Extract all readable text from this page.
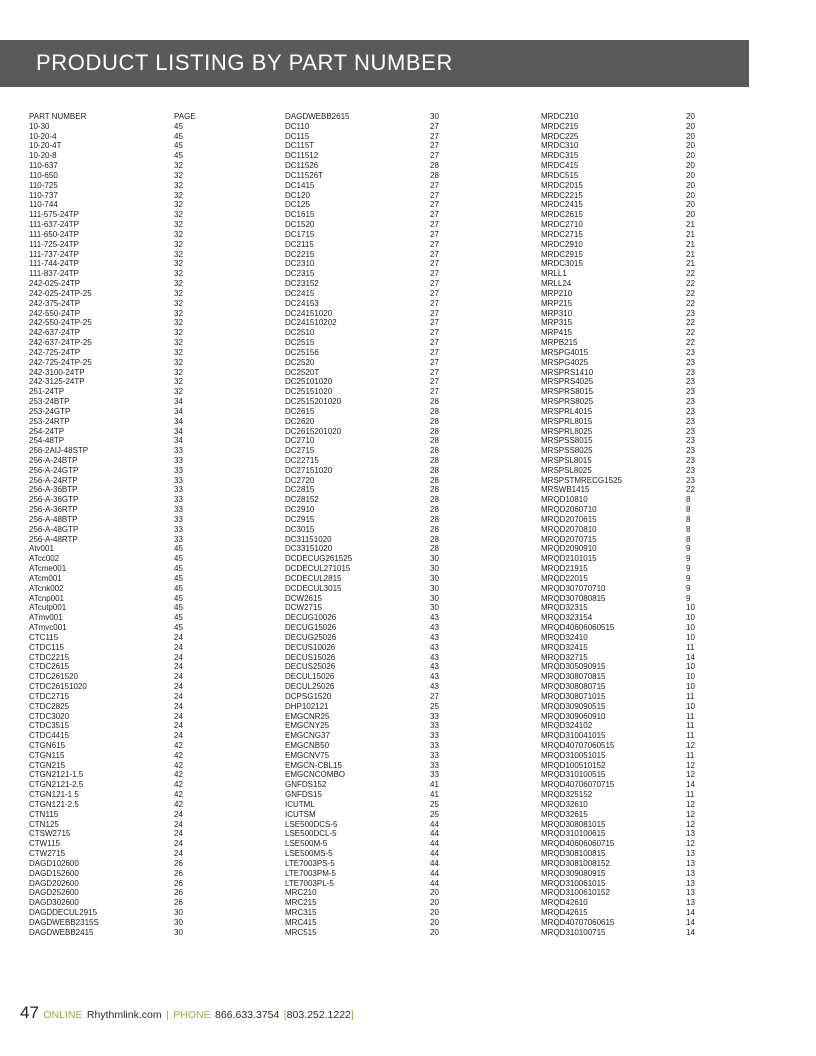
PRODUCT LISTING BY PART NUMBER
PART NUMBER	PAGE
10-30	45
10-20-4	45
10-20-4T	45
10-20-8	45
110-637	32
110-650	32
110-725	32
110-737	32
110-744	32
111-575-24TP	32
111-637-24TP	32
111-650-24TP	32
111-725-24TP	32
111-737-24TP	32
111-744-24TP	32
111-837-24TP	32
242-025-24TP	32
242-025-24TP-25	32
242-375-24TP	32
242-550-24TP	32
242-550-24TP-25	32
242-637-24TP	32
242-637-24TP-25	32
242-725-24TP	32
242-725-24TP-25	32
242-3100-24TP	32
242-3125-24TP	32
251-24TP	32
253-24BTP	34
253-24GTP	34
253-24RTP	34
254-24TP	34
254-48TP	34
256-2AIJ-48STP	33
256-A-24BTP	33
256-A-24GTP	33
256-A-24RTP	33
256-A-36BTP	33
256-A-36GTP	33
256-A-36RTP	33
256-A-48BTP	33
256-A-48GTP	33
256-A-48RTP	33
Atv001	45
ATcc002	45
ATcme001	45
ATcm001	45
ATcnk002	45
ATcnp001	45
ATcutp001	45
ATmv001	45
ATmvc001	45
CTC115	24
CTDC115	24
CTDC2215	24
CTDC2615	24
CTDC261520	24
CTDC26151020	24
CTDC2715	24
CTDC2825	24
CTDC3020	24
CTDC3515	24
CTDC4415	24
CTGN615	42
CTGN115	42
CTGN215	42
CTGN2121-1.5	42
CTGN2121-2.5	42
CTGN121-1.5	42
CTGN121-2.5	42
CTN115	24
CTN125	24
CTSW2715	24
CTW115	24
CTW2715	24
DAGD102600	26
DAGD152600	26
DAGD202600	26
DAGD252600	26
DAGD302600	26
DAGDDECUL2915	30
DAGDWEBB2315S	30
DAGDWEBB2415	30
DAGDWEBB2615	30
DC110	27
DC115	27
DC115T	27
DC11512	27
DC11526	28
DC11526T	28
DC1415	27
DC120	27
DC125	27
DC1615	27
DC1520	27
DC1715	27
DC2115	27
DC2215	27
DC2310	27
DC2315	27
DC23152	27
DC2415	27
DC24153	27
DC24151020	27
DC241510202	27
DC2510	27
DC2515	27
DC25156	27
DC2520	27
DC2520T	27
DC25101020	27
DC25151020	27
DC2515201020	28
DC2615	28
DC2620	28
DC2615201020	28
DC2710	28
DC2715	28
DC22715	28
DC27151020	28
DC2720	28
DC2815	28
DC28152	28
DC2910	28
DC2915	28
DC3015	28
DC31151020	28
DC33151020	28
DCDECUG261525	30
DCDECUL271015	30
DCDECUL2815	30
DCDECUL3015	30
DCW2615	30
DCW2715	30
DECUG10026	43
DECUG15026	43
DECUG25026	43
DECUS10026	43
DECUS15026	43
DECUS25026	43
DECUL15026	43
DECUL25026	43
DCPSG1520	27
DHP102121	25
EMGCNR25	33
EMGCNY25	33
EMGCNG37	33
EMGCNB50	33
EMGCNV75	33
EMGCN-CBL15	33
EMGCNCOMBO	33
GNFDS152	41
GNFDS15	41
ICUTML	25
ICUTSM	25
LSE500DCS-5	44
LSE500DCL-5	44
LSE500M-5	44
LSE500MS-5	44
LTE7003PS-5	44
LTE7003PM-5	44
LTE7003PL-5	44
MRC210	20
MRC215	20
MRC315	20
MRC415	20
MRC515	20
MRDC210	20
MRDC215	20
MRDC225	20
MRDC310	20
MRDC315	20
MRDC415	20
MRDC515	20
MRDC2015	20
MRDC2215	20
MRDC2415	20
MRDC2615	20
MRDC2710	21
MRDC2715	21
MRDC2910	21
MRDC2915	21
MRDC3015	21
MRLL1	22
MRLL24	22
MRP210	22
MRP215	22
MRP310	23
MRP315	22
MRP415	22
MRPB215	22
MRSPG4015	23
MRSPG4025	23
MRSPRS1410	23
MRSPRS4025	23
MRSPRS8015	23
MRSPRS8025	23
MRSPRL4015	23
MRSPRL8015	23
MRSPRL8025	23
MRSPSS8015	23
MRSPSS8025	23
MRSPSL8015	23
MRSPSL8025	23
MRSPSTMRECG1525	23
MRSWB1415	22
MRQD10810	8
MRQD2060710	8
MRQD2070615	8
MRQD2070810	8
MRQD2070715	8
MRQD2090910	9
MRQD2101015	9
MRQD21915	9
MRQD22015	9
MRQD307070710	9
MRQD307080815	9
MRQD32315	10
MRQD323154	10
MRQD40606060515	10
MRQD32410	10
MRQD32415	11
MRQD32715	14
MRQD305090915	10
MRQD308070815	10
MRQD308080715	10
MRQD308071015	11
MRQD309090515	10
MRQD309060910	11
MRQD324102	11
MRQD310041015	11
MRQD40707060515	12
MRQD310051015	11
MRQD100510152	12
MRQD310100515	12
MRQD40706070715	14
MRQD325152	11
MRQD32610	12
MRQD32615	12
MRQD308081015	12
MRQD310100615	13
MRQD40606060715	12
MRQD308100815	13
MRQD3081008152	13
MRQD309080915	13
MRQD310061015	13
MRQD3100610152	13
MRQD42610	13
MRQD42615	14
MRQD40707060615	14
MRQD310100715	14
47 ONLINE Rhythmlink.com | PHONE 866.633.3754 [803.252.1222]
